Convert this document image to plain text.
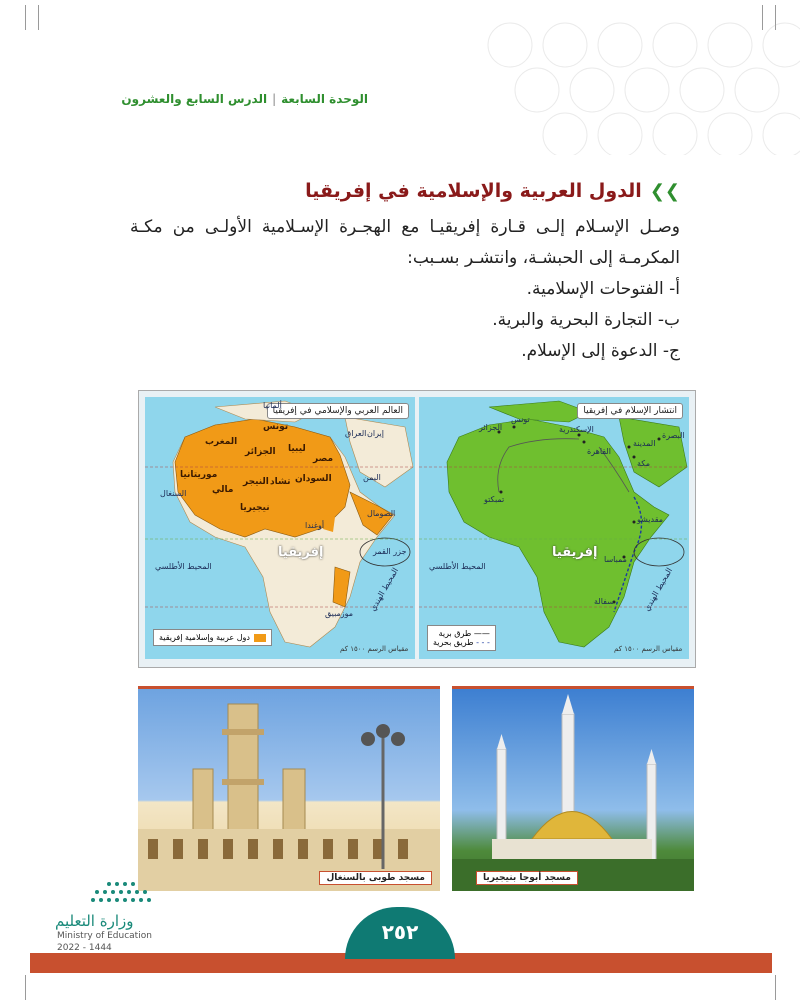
الوحدة السابعة|الدرس السابع والعشرون
❯❯
الدول العربية والإسلامية في إفريقيا
وصـل الإسـلام إلـى قـارة إفريقيـا مع الهجـرة الإسـلامية الأولـى من مكـة المكرمـة إلى الحبشـة، وانتشـر بسـبب:
أ- الفتوحات الإسلامية.
ب- التجارة البحرية والبرية.
ج- الدعوة إلى الإسلام.
العالم العربي والإسلامي في إفريقيا
المغرب
الجزائر
تونس
ليبيا
مصر
موريتانيا
مالي
النيجر تشاد السودان
نيجيريا
السنغال
جزر القمر
موزمبيق
الصومال
أوغندا
ألمانيا
إيران
العراق
اليمن
إفريقيا
المحيط الأطلسي	المحيط الهندي
دول عربية وإسلامية إفريقية
مقياس الرسم ١٥٠٠ كم
انتشار الإسلام في إفريقيا
تونس
الجزائر
القاهرة
الإسكندرية
مكة
المدينة
البصرة
تمبكتو
مقديشو
ممباسا
سفالة
إفريقيا
المحيط الأطلسي	المحيط الهندي
—— طرق برية
- - - طريق بحرية
مقياس الرسم ١٥٠٠ كم
مسجد طوبى بالسنغال	مسجد أبوجا بنيجيريا
وزارة التعليم
Ministry of Education
2022 - 1444
٢٥٢
